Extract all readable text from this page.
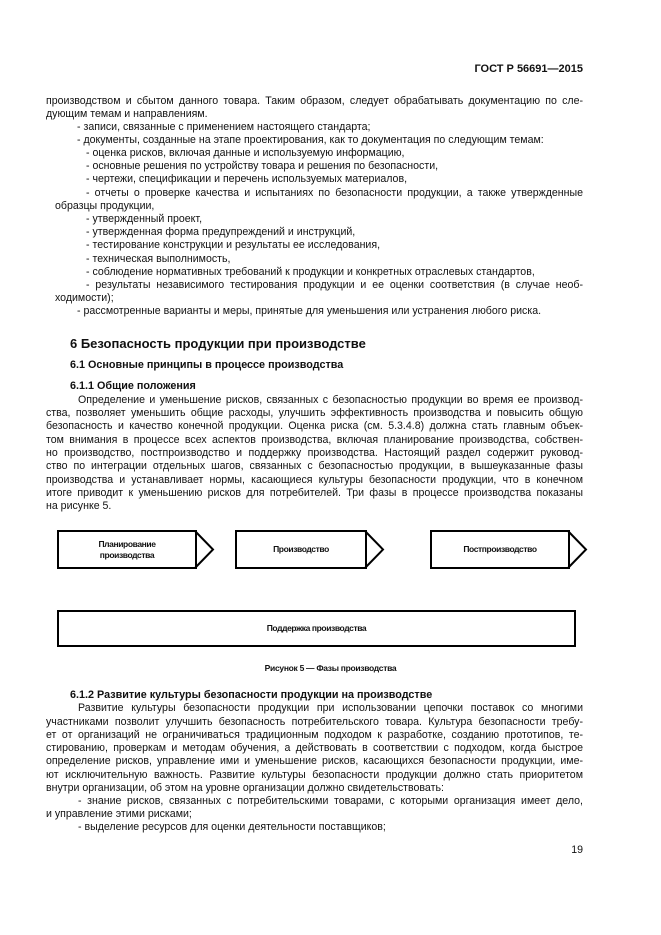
ГОСТ Р 56691—2015
производством и сбытом данного товара. Таким образом, следует обрабатывать документацию по сле-
дующим темам и направлениям.
- записи, связанные с применением настоящего стандарта;
- документы, созданные на этапе проектирования, как то документация по следующим темам:
- оценка рисков, включая данные и используемую информацию,
- основные решения по устройству товара и решения по безопасности,
- чертежи, спецификации и перечень используемых материалов,
- отчеты о проверке качества и испытаниях по безопасности продукции, а также утвержденные
образцы продукции,
- утвержденный проект,
- утвержденная форма предупреждений и инструкций,
- тестирование конструкции и результаты ее исследования,
- техническая выполнимость,
- соблюдение нормативных требований к продукции и конкретных отраслевых стандартов,
- результаты независимого тестирования продукции и ее оценки соответствия (в случае необ-
ходимости);
- рассмотренные варианты и меры, принятые для уменьшения или устранения любого риска.
6 Безопасность продукции при производстве
6.1 Основные принципы в процессе производства
6.1.1 Общие положения
Определение и уменьшение рисков, связанных с безопасностью продукции во время ее производ-
ства, позволяет уменьшить общие расходы, улучшить эффективность производства и повысить общую
безопасность и качество конечной продукции. Оценка риска (см. 5.3.4.8) должна стать главным объек-
том внимания в процессе всех аспектов производства, включая планирование производства, собствен-
но производство, постпроизводство и поддержку производства. Настоящий раздел содержит руковод-
ство по интеграции отдельных шагов, связанных с безопасностью продукции, в вышеуказанные фазы
производства и устанавливает нормы, касающиеся культуры безопасности продукции, что в конечном
итоге приводит к уменьшению рисков для потребителей. Три фазы в процессе производства показаны
на рисунке 5.
6.1.2 Развитие культуры безопасности продукции на производстве
Развитие культуры безопасности продукции при использовании цепочки поставок со многими
участниками позволит улучшить безопасность потребительского товара. Культура безопасности требу-
ет от организаций не ограничиваться традиционным подходом к разработке, созданию прототипов, те-
стированию, проверкам и методам обучения, а действовать в соответствии с подходом, когда быстрое
определение рисков, управление ими и уменьшение рисков, касающихся безопасности продукции, име-
ют исключительную важность. Развитие культуры безопасности продукции должно стать приоритетом
внутри организации, об этом на уровне организации должно свидетельствовать:
- знание рисков, связанных с потребительскими товарами, с которыми организация имеет дело,
и управление этими рисками;
- выделение ресурсов для оценки деятельности поставщиков;
Планирование производства
Производство	Постпроизводство
Поддержка производства
Рисунок 5 — Фазы производства
19
